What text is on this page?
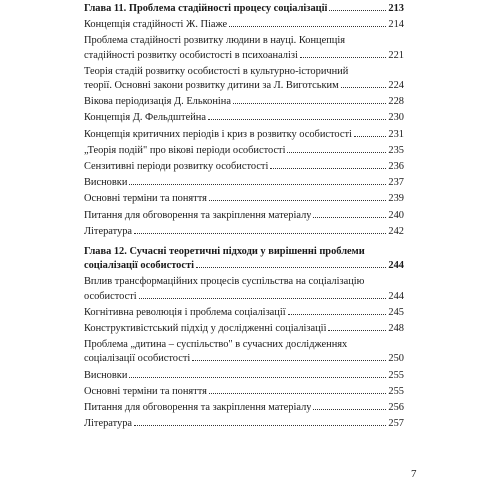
Глава 11. Проблема стадійності процесу соціалізації	213
Концепція стадійності Ж. Піаже	214
Проблема стадійності розвитку людини в науці. Концепція
стадійності розвитку особистості в психоаналізі	221
Теорія стадій розвитку особистості в культурно-історичний
теорії. Основні закони розвитку дитини за Л. Виготським	224
Вікова періодизація Д. Ельконіна	228
Концепція Д. Фельдштейна	230
Концепція критичних періодів і криз в розвитку особистості	231
„Теорія подій" про вікові періоди особистості	235
Сензитивні періоди розвитку особистості	236
Висновки	237
Основні терміни та поняття	239
Питання для обговорення та закріплення матеріалу	240
Література	242
Глава 12. Сучасні теоретичні підходи у вирішенні проблеми
соціалізації особистості	244
Вплив трансформаційних процесів суспільства на соціалізацію
особистості	244
Когнітивна революція і проблема соціалізації	245
Конструктивістський підхід у дослідженні соціалізації	248
Проблема „дитина – суспільство" в сучасних дослідженнях
соціалізації особистості	250
Висновки	255
Основні терміни та поняття	255
Питання для обговорення та закріплення матеріалу	256
Література	257
7
